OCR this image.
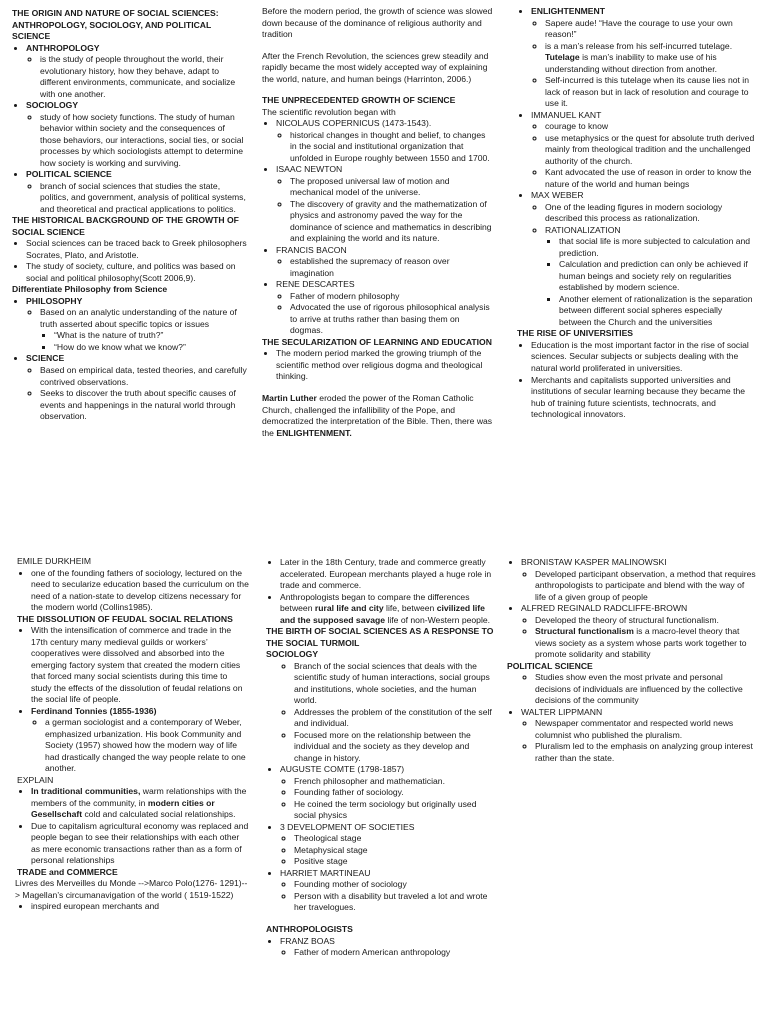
THE ORIGIN AND NATURE OF SOCIAL SCIENCES: ANTHROPOLOGY, SOCIOLOGY, AND POLITICAL SCIENCE

• ANTHROPOLOGY
◦ is the study of people throughout the world, their evolutionary history, how they behave, adapt to different environments, communicate, and socialize with one another.
• SOCIOLOGY
◦ study of how society functions. The study of human behavior within society and the consequences of those behaviors, our interactions, social ties, or social processes by which sociologists attempt to determine how society is working and surviving.
• POLITICAL SCIENCE
◦ branch of social sciences that studies the state, politics, and government, analysis of political systems, and theoretical and practical applications to politics.

THE HISTORICAL BACKGROUND OF THE GROWTH OF SOCIAL SCIENCE

• Social sciences can be traced back to Greek philosophers Socrates, Plato, and Aristotle.
• The study of society, culture, and politics was based on social and political philosophy(Scott 2006,9).

Differentiate Philosophy from Science

• PHILOSOPHY
◦ Based on an analytic understanding of the nature of truth asserted about specific topics or issues
▪ “What is the nature of truth?”
▪ “How do we know what we know?”
• SCIENCE
◦ Based on empirical data, tested theories, and carefully contrived observations.
◦ Seeks to discover the truth about specific causes of events and happenings in the natural world through observation.

Before the modern period, the growth of science was slowed down because of the dominance of religious authority and tradition

After the French Revolution, the sciences grew steadily and rapidly became the most widely accepted way of explaining the world, nature, and human beings (Harrinton, 2006.)

THE UNPRECEDENTED GROWTH OF SCIENCE

The scientific revolution began with

• NICOLAUS COPERNICUS (1473-1543).
◦ historical changes in thought and belief, to changes in the social and institutional organization that unfolded in Europe roughly between 1550 and 1700.
• ISAAC NEWTON
◦ The proposed universal law of motion and mechanical model of the universe.
◦ The discovery of gravity and the mathematization of physics and astronomy paved the way for the dominance of science and mathematics in describing and explaining the world and its nature.
• FRANCIS BACON
◦ established the supremacy of reason over imagination
• RENE DESCARTES
◦ Father of modern philosophy
◦ Advocated the use of rigorous philosophical analysis to arrive at truths rather than basing them on dogmas.

THE SECULARIZATION OF LEARNING AND EDUCATION

• The modern period marked the growing triumph of the scientific method over religious dogma and theological thinking.

Martin Luther eroded the power of the Roman Catholic Church, challenged the infallibility of the Pope, and democratized the interpretation of the Bible. Then, there was the ENLIGHTENMENT.

• ENLIGHTENMENT
◦ Sapere aude! “Have the courage to use your own reason!”
◦ is a man’s release from his self-incurred tutelage. Tutelage is man’s inability to make use of his understanding without direction from another.
◦ Self-incurred is this tutelage when its cause lies not in lack of reason but in lack of resolution and courage to use it.
• IMMANUEL KANT
◦ courage to know
◦ use metaphysics or the quest for absolute truth derived mainly from theological tradition and the unchallenged authority of the church.
◦ Kant advocated the use of reason in order to know the nature of the world and human beings
• MAX WEBER
◦ One of the leading figures in modern sociology described this process as rationalization.
◦ RATIONALIZATION
▪ that social life is more subjected to calculation and prediction.
▪ Calculation and prediction can only be achieved if human beings and society rely on regularities established by modern science.
▪ Another element of rationalization is the separation between different social spheres especially between the Church and the universities

THE RISE OF UNIVERSITIES

• Education is the most important factor in the rise of social sciences. Secular subjects or subjects dealing with the natural world proliferated in universities.
• Merchants and capitalists supported universities and institutions of secular learning because they became the hub of training future scientists, technocrats, and technological innovators.

EMILE DURKHEIM

• one of the founding fathers of sociology, lectured on the need to secularize education based the curriculum on the need of a nation-state to develop citizens necessary for the modern world (Collins1985).

THE DISSOLUTION OF FEUDAL SOCIAL RELATIONS

• With the intensification of commerce and trade in the 17th century many medieval guilds or workers’ cooperatives were dissolved and absorbed into the emerging factory system that created the modern cities that forced many social scientists during this time to study the effects of the dissolution of feudal relations on the social life of people.
• Ferdinand Tonnies (1855-1936)
◦ a german sociologist and a contemporary of Weber, emphasized urbanization. His book Community and Society (1957) showed how the modern way of life had drastically changed the way people relate to one another.

EXPLAIN

• In traditional communities, warm relationships with the members of the community, in modern cities or Gesellschaft cold and calculated social relationships.
• Due to capitalism agricultural economy was replaced and people began to see their relationships with each other as mere economic transactions rather than as a form of personal relationships

TRADE and COMMERCE

Livres des Merveilles du Monde -->Marco Polo(1276- 1291)--> Magellan’s circumanavigation of the world ( 1519-1522)

• inspired european merchants and
• Later in the 18th Century, trade and commerce greatly accelerated. European merchants played a huge role in trade and commerce.
• Anthropologists began to compare the differences between rural life and city life, between civilized life and the supposed savage life of non-Western people.

THE BIRTH OF SOCIAL SCIENCES AS A RESPONSE TO THE SOCIAL TURMOIL

SOCIOLOGY

◦ Branch of the social sciences that deals with the scientific study of human interactions, social groups and institutions, whole societies, and the human world.
◦ Addresses the problem of the constitution of the self and individual.
◦ Focused more on the relationship between the individual and the society as they develop and change in history.
• AUGUSTE COMTE (1798-1857)
◦ French philosopher and mathematician.
◦ Founding father of sociology.
◦ He coined the term sociology but originally used social physics
• 3 DEVELOPMENT OF SOCIETIES
◦ Theological stage
◦ Metaphysical stage
◦ Positive stage
• HARRIET MARTINEAU
◦ Founding mother of sociology
◦ Person with a disability but traveled a lot and wrote her travelogues.

ANTHROPOLOGISTS

• FRANZ BOAS
◦ Father of modern American anthropology
• BRONISTAW KASPER MALINOWSKI
◦ Developed participant observation, a method that requires anthropologists to participate and blend with the way of life of a given group of people
• ALFRED REGINALD RADCLIFFE-BROWN
◦ Developed the theory of structural functionalism.
◦ Structural functionalism is a macro-level theory that views society as a system whose parts work together to promote solidarity and stability

POLITICAL SCIENCE

◦ Studies show even the most private and personal decisions of individuals are influenced by the collective decisions of the community
• WALTER LIPPMANN
◦ Newspaper commentator and respected world news columnist who published the pluralism.
◦ Pluralism led to the emphasis on analyzing group interest rather than the state.
